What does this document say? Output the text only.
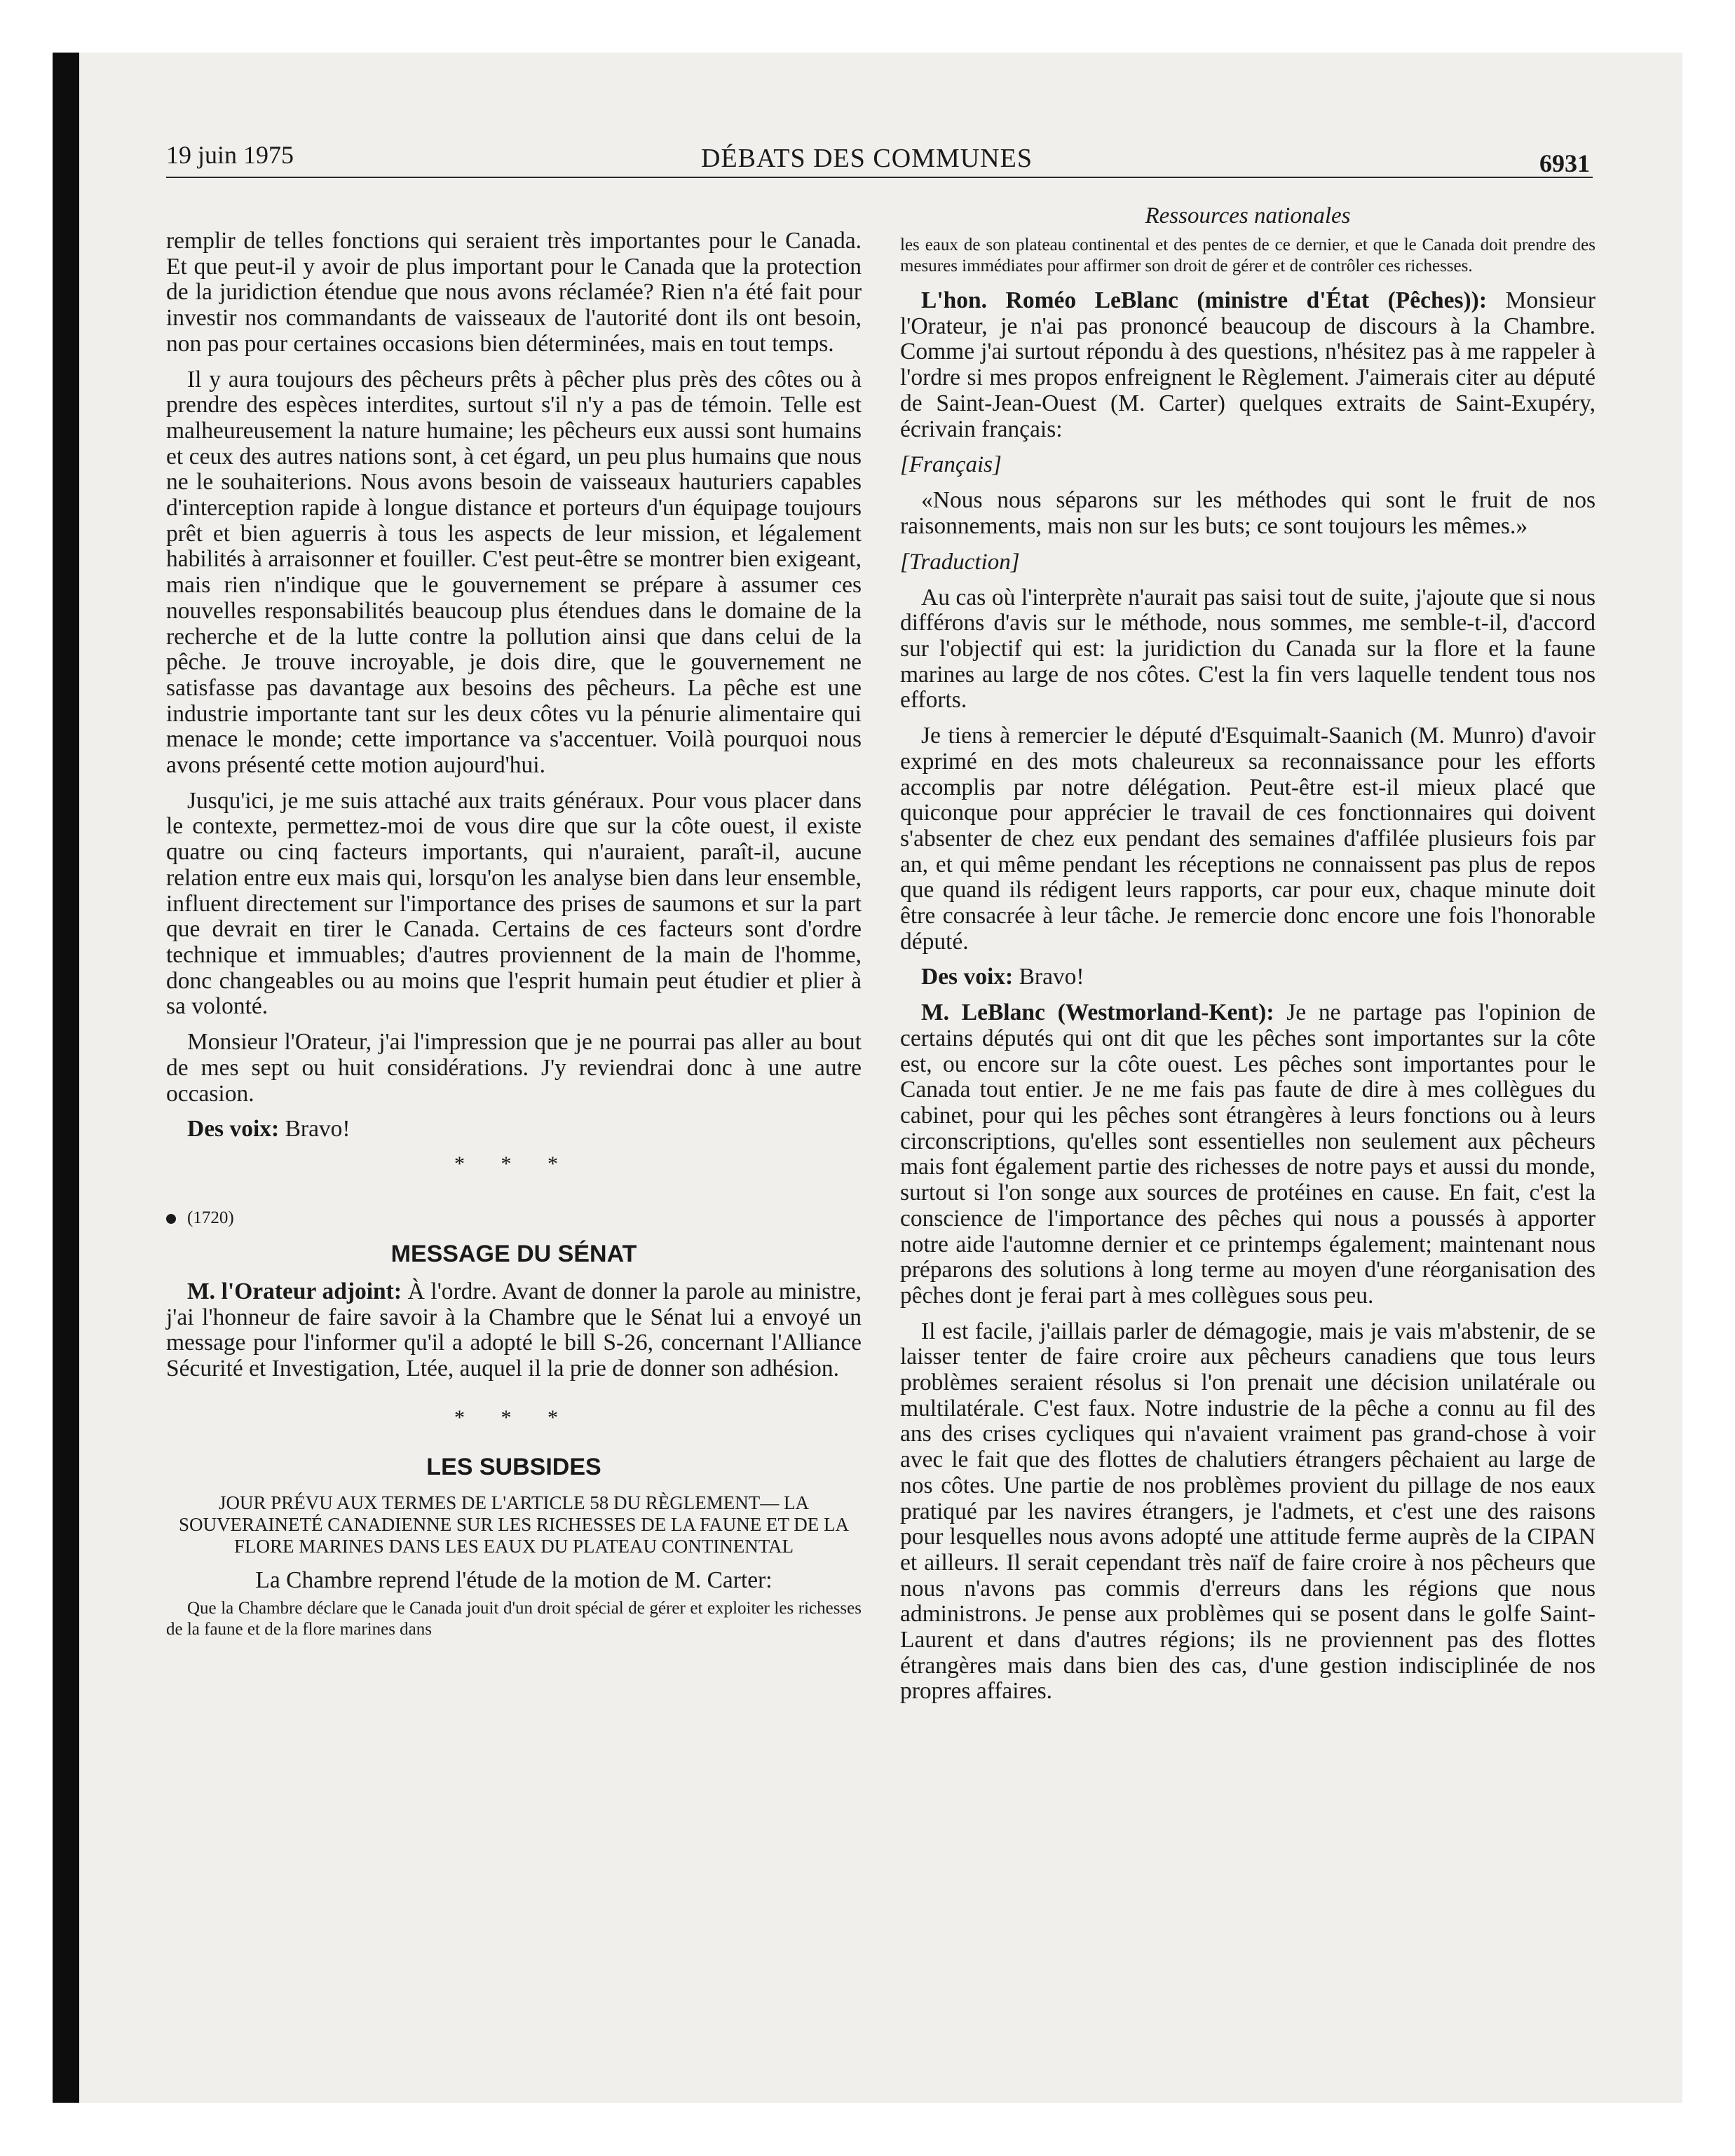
19 juin 1975	DÉBATS DES COMMUNES	6931

remplir de telles fonctions qui seraient très importantes pour le Canada. Et que peut-il y avoir de plus important pour le Canada que la protection de la juridiction étendue que nous avons réclamée? Rien n'a été fait pour investir nos commandants de vaisseaux de l'autorité dont ils ont besoin, non pas pour certaines occasions bien déterminées, mais en tout temps.

Il y aura toujours des pêcheurs prêts à pêcher plus près des côtes ou à prendre des espèces interdites, surtout s'il n'y a pas de témoin. Telle est malheureusement la nature humaine; les pêcheurs eux aussi sont humains et ceux des autres nations sont, à cet égard, un peu plus humains que nous ne le souhaiterions. Nous avons besoin de vaisseaux hauturiers capables d'interception rapide à longue distance et porteurs d'un équipage toujours prêt et bien aguerris à tous les aspects de leur mission, et légalement habilités à arraisonner et fouiller. C'est peut-être se montrer bien exigeant, mais rien n'indique que le gouvernement se prépare à assumer ces nouvelles responsabilités beaucoup plus étendues dans le domaine de la recherche et de la lutte contre la pollution ainsi que dans celui de la pêche. Je trouve incroyable, je dois dire, que le gouvernement ne satisfasse pas davantage aux besoins des pêcheurs. La pêche est une industrie importante tant sur les deux côtes vu la pénurie alimentaire qui menace le monde; cette importance va s'accentuer. Voilà pourquoi nous avons présenté cette motion aujourd'hui.

Jusqu'ici, je me suis attaché aux traits généraux. Pour vous placer dans le contexte, permettez-moi de vous dire que sur la côte ouest, il existe quatre ou cinq facteurs importants, qui n'auraient, paraît-il, aucune relation entre eux mais qui, lorsqu'on les analyse bien dans leur ensemble, influent directement sur l'importance des prises de saumons et sur la part que devrait en tirer le Canada. Certains de ces facteurs sont d'ordre technique et immuables; d'autres proviennent de la main de l'homme, donc changeables ou au moins que l'esprit humain peut étudier et plier à sa volonté.

Monsieur l'Orateur, j'ai l'impression que je ne pourrai pas aller au bout de mes sept ou huit considérations. J'y reviendrai donc à une autre occasion.

Des voix: Bravo!

* * *
(1720)
MESSAGE DU SÉNAT

M. l'Orateur adjoint: À l'ordre. Avant de donner la parole au ministre, j'ai l'honneur de faire savoir à la Chambre que le Sénat lui a envoyé un message pour l'informer qu'il a adopté le bill S-26, concernant l'Alliance Sécurité et Investigation, Ltée, auquel il la prie de donner son adhésion.

* * *
LES SUBSIDES
JOUR PRÉVU AUX TERMES DE L'ARTICLE 58 DU RÈGLEMENT— LA SOUVERAINETÉ CANADIENNE SUR LES RICHESSES DE LA FAUNE ET DE LA FLORE MARINES DANS LES EAUX DU PLATEAU CONTINENTAL
La Chambre reprend l'étude de la motion de M. Carter:

Que la Chambre déclare que le Canada jouit d'un droit spécial de gérer et exploiter les richesses de la faune et de la flore marines dans

Ressources nationales

les eaux de son plateau continental et des pentes de ce dernier, et que le Canada doit prendre des mesures immédiates pour affirmer son droit de gérer et de contrôler ces richesses.

L'hon. Roméo LeBlanc (ministre d'État (Pêches)): Monsieur l'Orateur, je n'ai pas prononcé beaucoup de discours à la Chambre. Comme j'ai surtout répondu à des questions, n'hésitez pas à me rappeler à l'ordre si mes propos enfreignent le Règlement. J'aimerais citer au député de Saint-Jean-Ouest (M. Carter) quelques extraits de Saint-Exupéry, écrivain français:

[Français]

«Nous nous séparons sur les méthodes qui sont le fruit de nos raisonnements, mais non sur les buts; ce sont toujours les mêmes.»

[Traduction]

Au cas où l'interprète n'aurait pas saisi tout de suite, j'ajoute que si nous différons d'avis sur le méthode, nous sommes, me semble-t-il, d'accord sur l'objectif qui est: la juridiction du Canada sur la flore et la faune marines au large de nos côtes. C'est la fin vers laquelle tendent tous nos efforts.

Je tiens à remercier le député d'Esquimalt-Saanich (M. Munro) d'avoir exprimé en des mots chaleureux sa reconnaissance pour les efforts accomplis par notre délégation. Peut-être est-il mieux placé que quiconque pour apprécier le travail de ces fonctionnaires qui doivent s'absenter de chez eux pendant des semaines d'affilée plusieurs fois par an, et qui même pendant les réceptions ne connaissent pas plus de repos que quand ils rédigent leurs rapports, car pour eux, chaque minute doit être consacrée à leur tâche. Je remercie donc encore une fois l'honorable député.

Des voix: Bravo!

M. LeBlanc (Westmorland-Kent): Je ne partage pas l'opinion de certains députés qui ont dit que les pêches sont importantes sur la côte est, ou encore sur la côte ouest. Les pêches sont importantes pour le Canada tout entier. Je ne me fais pas faute de dire à mes collègues du cabinet, pour qui les pêches sont étrangères à leurs fonctions ou à leurs circonscriptions, qu'elles sont essentielles non seulement aux pêcheurs mais font également partie des richesses de notre pays et aussi du monde, surtout si l'on songe aux sources de protéines en cause. En fait, c'est la conscience de l'importance des pêches qui nous a poussés à apporter notre aide l'automne dernier et ce printemps également; maintenant nous préparons des solutions à long terme au moyen d'une réorganisation des pêches dont je ferai part à mes collègues sous peu.

Il est facile, j'aillais parler de démagogie, mais je vais m'abstenir, de se laisser tenter de faire croire aux pêcheurs canadiens que tous leurs problèmes seraient résolus si l'on prenait une décision unilatérale ou multilatérale. C'est faux. Notre industrie de la pêche a connu au fil des ans des crises cycliques qui n'avaient vraiment pas grand-chose à voir avec le fait que des flottes de chalutiers étrangers pêchaient au large de nos côtes. Une partie de nos problèmes provient du pillage de nos eaux pratiqué par les navires étrangers, je l'admets, et c'est une des raisons pour lesquelles nous avons adopté une attitude ferme auprès de la CIPAN et ailleurs. Il serait cependant très naïf de faire croire à nos pêcheurs que nous n'avons pas commis d'erreurs dans les régions que nous administrons. Je pense aux problèmes qui se posent dans le golfe Saint-Laurent et dans d'autres régions; ils ne proviennent pas des flottes étrangères mais dans bien des cas, d'une gestion indisciplinée de nos propres affaires.
